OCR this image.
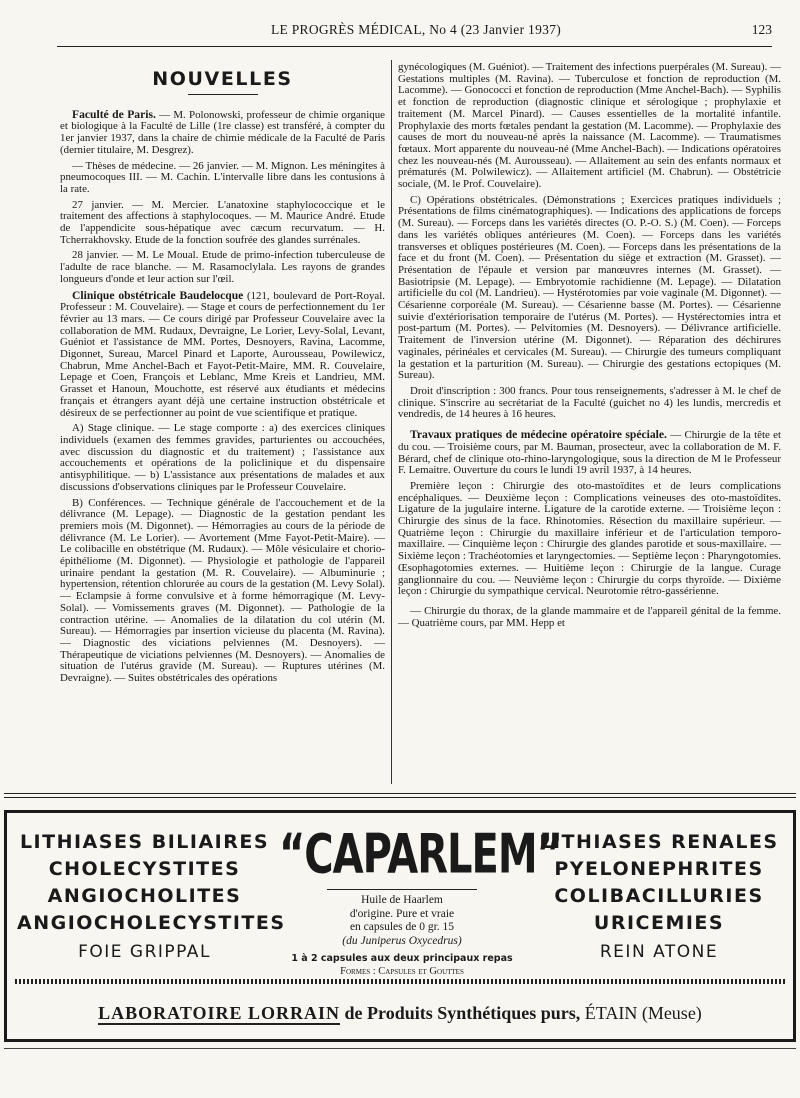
LE PROGRÈS MÉDICAL, No 4 (23 Janvier 1937)	123
NOUVELLES

Faculté de Paris. — M. Polonowski, professeur de chimie organique et biologique à la Faculté de Lille (1re classe) est transféré, à compter du 1er janvier 1937, dans la chaire de chimie médicale de la Faculté de Paris (dernier titulaire, M. Desgrez).

— Thèses de médecine. — 26 janvier. — M. Mignon. Les méningites à pneumocoques III. — M. Cachin. L'intervalle libre dans les contusions à la rate.

27 janvier. — M. Mercier. L'anatoxine staphylococcique et le traitement des affections à staphylocoques. — M. Maurice André. Etude de l'appendicite sous-hépatique avec cæcum recurvatum. — H. Tcherrakhovsky. Etude de la fonction soufrée des glandes surrénales.

28 janvier. — M. Le Moual. Etude de primo-infection tuberculeuse de l'adulte de race blanche. — M. Rasamoclylala. Les rayons de grandes longueurs d'onde et leur action sur l'œil.

Clinique obstétricale Baudelocque (121, boulevard de Port-Royal. Professeur : M. Couvelaire). — Stage et cours de perfectionnement du 1er février au 13 mars. — Ce cours dirigé par Professeur Couvelaire avec la collaboration de MM. Rudaux, Devraigne, Le Lorier, Levy-Solal, Levant, Guéniot et l'assistance de MM. Portes, Desnoyers, Ravina, Lacomme, Digonnet, Sureau, Marcel Pinard et Laporte, Aurousseau, Powilewicz, Chabrun, Mme Anchel-Bach et Fayot-Petit-Maire, MM. R. Couvelaire, Lepage et Coen, François et Leblanc, Mme Kreis et Landrieu, MM. Grasset et Hanoun, Mouchotte, est réservé aux étudiants et médecins français et étrangers ayant déjà une certaine instruction obstétricale et désireux de se perfectionner au point de vue scientifique et pratique.

A) Stage clinique. — Le stage comporte : a) des exercices cliniques individuels (examen des femmes gravides, parturientes ou accouchées, avec discussion du diagnostic et du traitement) ; l'assistance aux accouchements et opérations de la policlinique et du dispensaire antisyphilitique. — b) L'assistance aux présentations de malades et aux discussions d'observations cliniques par le Professeur Couvelaire.

B) Conférences. — Technique générale de l'accouchement et de la délivrance (M. Lepage). — Diagnostic de la gestation pendant les premiers mois (M. Digonnet). — Hémorragies au cours de la période de délivrance (M. Le Lorier). — Avortement (Mme Fayot-Petit-Maire). — Le colibacille en obstétrique (M. Rudaux). — Môle vésiculaire et chorio-épithéliome (M. Digonnet). — Physiologie et pathologie de l'appareil urinaire pendant la gestation (M. R. Couvelaire). — Albuminurie ; hypertension, rétention chlorurée au cours de la gestation (M. Levy Solal). — Eclampsie à forme convulsive et à forme hémorragique (M. Levy-Solal). — Vomissements graves (M. Digonnet). — Pathologie de la contraction utérine. — Anomalies de la dilatation du col utérin (M. Sureau). — Hémorragies par insertion vicieuse du placenta (M. Ravina). — Diagnostic des viciations pelviennes (M. Desnoyers). — Thérapeutique de viciations pelviennes (M. Desnoyers). — Anomalies de situation de l'utérus gravide (M. Sureau). — Ruptures utérines (M. Devraigne). — Suites obstétricales des opérations

gynécologiques (M. Guéniot). — Traitement des infections puerpérales (M. Sureau). — Gestations multiples (M. Ravina). — Tuberculose et fonction de reproduction (M. Lacomme). — Gonococci et fonction de reproduction (Mme Anchel-Bach). — Syphilis et fonction de reproduction (diagnostic clinique et sérologique ; prophylaxie et traitement (M. Marcel Pinard). — Causes essentielles de la mortalité infantile. Prophylaxie des morts fœtales pendant la gestation (M. Lacomme). — Prophylaxie des causes de mort du nouveau-né après la naissance (M. Lacomme). — Traumatismes fœtaux. Mort apparente du nouveau-né (Mme Anchel-Bach). — Indications opératoires chez les nouveau-nés (M. Aurousseau). — Allaitement au sein des enfants normaux et prématurés (M. Polwilewicz). — Allaitement artificiel (M. Chabrun). — Obstétricie sociale, (M. le Prof. Couvelaire).

C) Opérations obstétricales. (Démonstrations ; Exercices pratiques individuels ; Présentations de films cinématographiques). — Indications des applications de forceps (M. Sureau). — Forceps dans les variétés directes (O. P.-O. S.) (M. Coen). — Forceps dans les variétés obliques antérieures (M. Coen). — Forceps dans les variétés transverses et obliques postérieures (M. Coen). — Forceps dans les présentations de la face et du front (M. Coen). — Présentation du siège et extraction (M. Grasset). — Présentation de l'épaule et version par manœuvres internes (M. Grasset). — Basiotripsie (M. Lepage). — Embryotomie rachidienne (M. Lepage). — Dilatation artificielle du col (M. Landrieu). — Hystérotomies par voie vaginale (M. Digonnet). — Césarienne corporéale (M. Sureau). — Césarienne basse (M. Portes). — Césarienne suivie d'extériorisation temporaire de l'utérus (M. Portes). — Hystérectomies intra et post-partum (M. Portes). — Pelvitomies (M. Desnoyers). — Délivrance artificielle. Traitement de l'inversion utérine (M. Digonnet). — Réparation des déchirures vaginales, périnéales et cervicales (M. Sureau). — Chirurgie des tumeurs compliquant la gestation et la parturition (M. Sureau). — Chirurgie des gestations ectopiques (M. Sureau).

Droit d'inscription : 300 francs. Pour tous renseignements, s'adresser à M. le chef de clinique. S'inscrire au secrétariat de la Faculté (guichet no 4) les lundis, mercredis et vendredis, de 14 heures à 16 heures.

Travaux pratiques de médecine opératoire spéciale. — Chirurgie de la tête et du cou. — Troisième cours, par M. Bauman, prosecteur, avec la collaboration de M. F. Bérard, chef de clinique oto-rhino-laryngologique, sous la direction de M le Professeur F. Lemaitre. Ouverture du cours le lundi 19 avril 1937, à 14 heures.

Première leçon : Chirurgie des oto-mastoïdites et de leurs complications encéphaliques. — Deuxième leçon : Complications veineuses des oto-mastoïdites. Ligature de la jugulaire interne. Ligature de la carotide externe. — Troisième leçon : Chirurgie des sinus de la face. Rhinotomies. Résection du maxillaire supérieur. — Quatrième leçon : Chirurgie du maxillaire inférieur et de l'articulation temporo-maxillaire. — Cinquième leçon : Chirurgie des glandes parotide et sous-maxillaire. — Sixième leçon : Trachéotomies et laryngectomies. — Septième leçon : Pharyngotomies. Œsophagotomies externes. — Huitième leçon : Chirurgie de la langue. Curage ganglionnaire du cou. — Neuvième leçon : Chirurgie du corps thyroïde. — Dixième leçon : Chirurgie du sympathique cervical. Neurotomie rétro-gassérienne.

— Chirurgie du thorax, de la glande mammaire et de l'appareil génital de la femme. — Quatrième cours, par MM. Hepp et

LITHIASES BILIAIRES
CHOLECYSTITES
ANGIOCHOLITES
ANGIOCHOLECYSTITES
FOIE GRIPPAL
“CAPARLEM”
Huile de Haarlem
d'origine. Pure et vraie
en capsules de 0 gr. 15
(du Juniperus Oxycedrus)
1 à 2 capsules aux deux principaux repas
Formes : Capsules et Gouttes
LITHIASES RENALES
PYELONEPHRITES
COLIBACILLURIES
URICEMIES
REIN ATONE
LABORATOIRE LORRAIN de Produits Synthétiques purs, ÉTAIN (Meuse)
